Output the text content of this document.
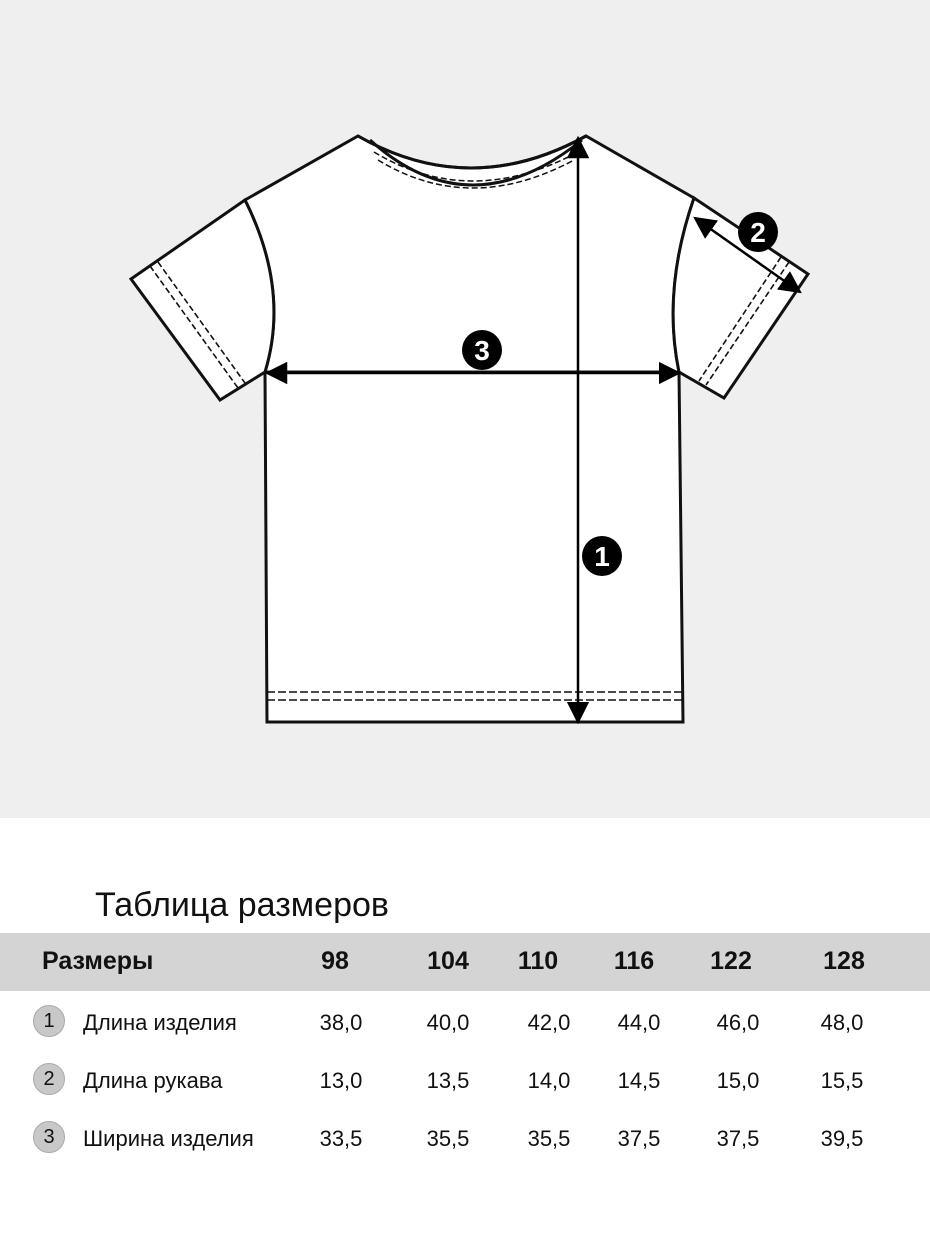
1
2
3
Таблица размеров
Размеры	98	104	110	116	122	128
1	Длина изделия	38,0	40,0	42,0	44,0	46,0	48,0
2	Длина рукава	13,0	13,5	14,0	14,5	15,0	15,5
3	Ширина изделия	33,5	35,5	35,5	37,5	37,5	39,5
